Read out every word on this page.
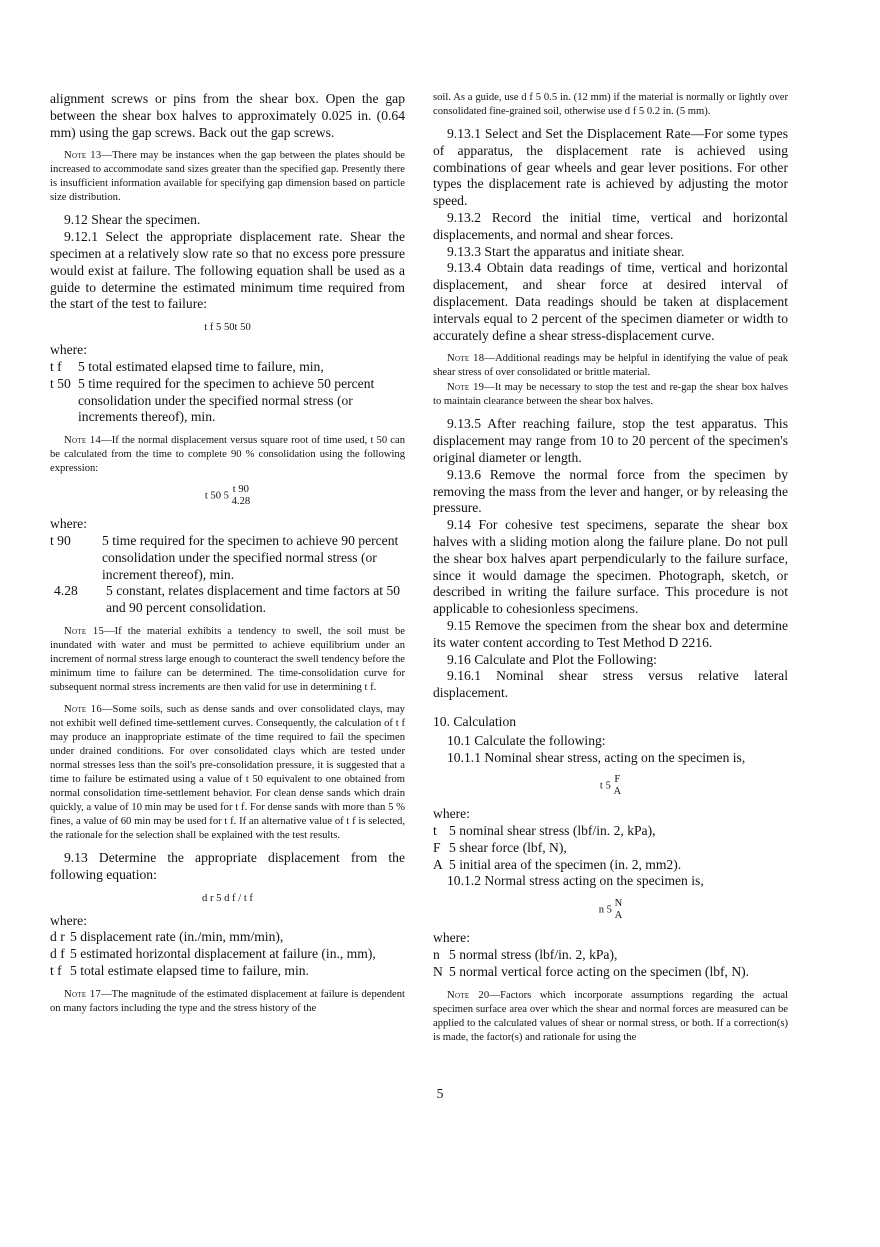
alignment screws or pins from the shear box. Open the gap between the shear box halves to approximately 0.025 in. (0.64 mm) using the gap screws. Back out the gap screws.

Note 13—There may be instances when the gap between the plates should be increased to accommodate sand sizes greater than the specified gap. Presently there is insufficient information available for specifying gap dimension based on particle size distribution.

9.12 Shear the specimen.

9.12.1 Select the appropriate displacement rate. Shear the specimen at a relatively slow rate so that no excess pore pressure would exist at failure. The following equation shall be used as a guide to determine the estimated minimum time required from the start of the test to failure:

t f 5 50t 50
where:
t f	5 total estimated elapsed time to failure, min,
t 50 5 time required for the specimen to achieve 50 percent consolidation under the specified normal stress (or increments thereof), min.
Note 14—If the normal displacement versus square root of time used, t 50 can be calculated from the time to complete 90 % consolidation using the following expression:
t 50 5
t 90
4.28
where:
t 90	5 time required for the specimen to achieve 90 percent consolidation under the specified normal stress (or increment thereof), min.
4.28	5 constant, relates displacement and time factors at 50 and 90 percent consolidation.
Note 15—If the material exhibits a tendency to swell, the soil must be inundated with water and must be permitted to achieve equilibrium under an increment of normal stress large enough to counteract the swell tendency before the minimum time to failure can be determined. The time-consolidation curve for subsequent normal stress increments are then valid for use in determining t f.
Note 16—Some soils, such as dense sands and over consolidated clays, may not exhibit well defined time-settlement curves. Consequently, the calculation of t f may produce an inappropriate estimate of the time required to fail the specimen under drained conditions. For over consolidated clays which are tested under normal stresses less than the soil's pre-consolidation pressure, it is suggested that a time to failure be estimated using a value of t 50 equivalent to one obtained from normal consolidation time-settlement behavior. For clean dense sands which drain quickly, a value of 10 min may be used for t f. For dense sands with more than 5 % fines, a value of 60 min may be used for t f. If an alternative value of t f is selected, the rationale for the selection shall be explained with the test results.

9.13 Determine the appropriate displacement from the following equation:

d r 5 d f / t f
where:
d r 5 displacement rate (in./min, mm/min),
d f 5 estimated horizontal displacement at failure (in., mm),
t f 5 total estimate elapsed time to failure, min.
Note 17—The magnitude of the estimated displacement at failure is dependent on many factors including the type and the stress history of the
soil. As a guide, use d f 5 0.5 in. (12 mm) if the material is normally or lightly over consolidated fine-grained soil, otherwise use d f 5 0.2 in. (5 mm).

9.13.1 Select and Set the Displacement Rate—For some types of apparatus, the displacement rate is achieved using combinations of gear wheels and gear lever positions. For other types the displacement rate is achieved by adjusting the motor speed.

9.13.2 Record the initial time, vertical and horizontal displacements, and normal and shear forces.

9.13.3 Start the apparatus and initiate shear.

9.13.4 Obtain data readings of time, vertical and horizontal displacement, and shear force at desired interval of displacement. Data readings should be taken at displacement intervals equal to 2 percent of the specimen diameter or width to accurately define a shear stress-displacement curve.

Note 18—Additional readings may be helpful in identifying the value of peak shear stress of over consolidated or brittle material.
Note 19—It may be necessary to stop the test and re-gap the shear box halves to maintain clearance between the shear box halves.

9.13.5 After reaching failure, stop the test apparatus. This displacement may range from 10 to 20 percent of the specimen's original diameter or length.

9.13.6 Remove the normal force from the specimen by removing the mass from the lever and hanger, or by releasing the pressure.

9.14 For cohesive test specimens, separate the shear box halves with a sliding motion along the failure plane. Do not pull the shear box halves apart perpendicularly to the failure surface, since it would damage the specimen. Photograph, sketch, or described in writing the failure surface. This procedure is not applicable to cohesionless specimens.

9.15 Remove the specimen from the shear box and determine its water content according to Test Method D 2216.

9.16 Calculate and Plot the Following:

9.16.1 Nominal shear stress versus relative lateral displacement.

10. Calculation

10.1 Calculate the following:

10.1.1 Nominal shear stress, acting on the specimen is,

t 5
F
A
where:
t 5 nominal shear stress (lbf/in. 2, kPa),
F 5 shear force (lbf, N),
A 5 initial area of the specimen (in. 2, mm2).

10.1.2 Normal stress acting on the specimen is,

n 5
N
A
where:
n 5 normal stress (lbf/in. 2, kPa),
N 5 normal vertical force acting on the specimen (lbf, N).
Note 20—Factors which incorporate assumptions regarding the actual specimen surface area over which the shear and normal forces are measured can be applied to the calculated values of shear or normal stress, or both. If a correction(s) is made, the factor(s) and rationale for using the
5
